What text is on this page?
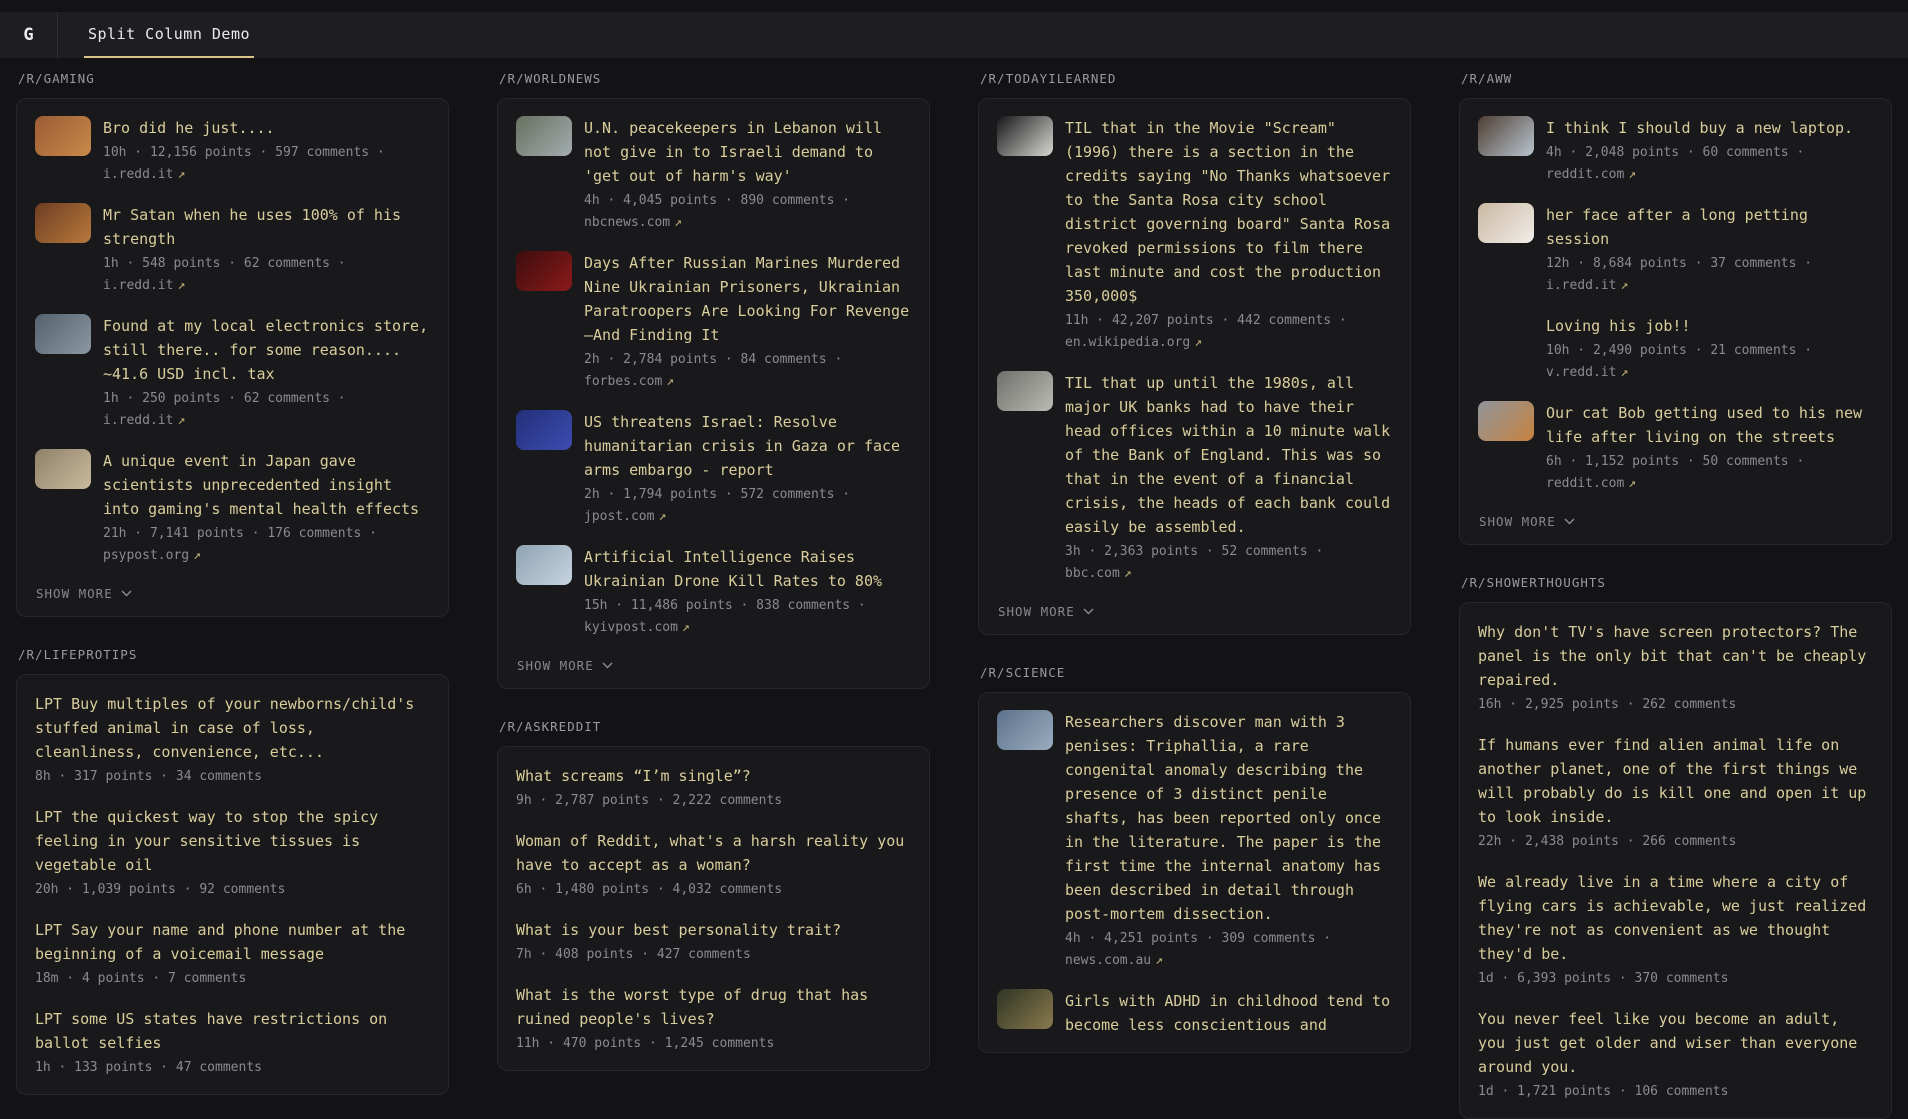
G	Split Column Demo
/R/GAMING
Bro did he just....
10h · 12,156 points · 597 comments · i.redd.it ↗
Mr Satan when he uses 100% of his strength
1h · 548 points · 62 comments · i.redd.it ↗
Found at my local electronics store, still there.. for some reason.... ~41.6 USD incl. tax
1h · 250 points · 62 comments · i.redd.it ↗
A unique event in Japan gave scientists unprecedented insight into gaming's mental health effects
21h · 7,141 points · 176 comments · psypost.org ↗
SHOW MORE
/R/LIFEPROTIPS
LPT Buy multiples of your newborns/child's stuffed animal in case of loss, cleanliness, convenience, etc...
8h · 317 points · 34 comments
LPT the quickest way to stop the spicy feeling in your sensitive tissues is vegetable oil
20h · 1,039 points · 92 comments
LPT Say your name and phone number at the beginning of a voicemail message
18m · 4 points · 7 comments
LPT some US states have restrictions on ballot selfies
1h · 133 points · 47 comments
/R/WORLDNEWS
U.N. peacekeepers in Lebanon will not give in to Israeli demand to 'get out of harm's way'
4h · 4,045 points · 890 comments · nbcnews.com ↗
Days After Russian Marines Murdered Nine Ukrainian Prisoners, Ukrainian Paratroopers Are Looking For Revenge—And Finding It
2h · 2,784 points · 84 comments · forbes.com ↗
US threatens Israel: Resolve humanitarian crisis in Gaza or face arms embargo - report
2h · 1,794 points · 572 comments · jpost.com ↗
Artificial Intelligence Raises Ukrainian Drone Kill Rates to 80%
15h · 11,486 points · 838 comments · kyivpost.com ↗
SHOW MORE
/R/ASKREDDIT
What screams “I’m single”?
9h · 2,787 points · 2,222 comments
Woman of Reddit, what's a harsh reality you have to accept as a woman?
6h · 1,480 points · 4,032 comments
What is your best personality trait?
7h · 408 points · 427 comments
What is the worst type of drug that has ruined people's lives?
11h · 470 points · 1,245 comments
/R/TODAYILEARNED
TIL that in the Movie "Scream" (1996) there is a section in the credits saying "No Thanks whatsoever to the Santa Rosa city school district governing board" Santa Rosa revoked permissions to film there last minute and cost the production 350,000$
11h · 42,207 points · 442 comments · en.wikipedia.org ↗
TIL that up until the 1980s, all major UK banks had to have their head offices within a 10 minute walk of the Bank of England. This was so that in the event of a financial crisis, the heads of each bank could easily be assembled.
3h · 2,363 points · 52 comments · bbc.com ↗
SHOW MORE
/R/SCIENCE
Researchers discover man with 3 penises: Triphallia, a rare congenital anomaly describing the presence of 3 distinct penile shafts, has been reported only once in the literature. The paper is the first time the internal anatomy has been described in detail through post-mortem dissection.
4h · 4,251 points · 309 comments · news.com.au ↗
Girls with ADHD in childhood tend to become less conscientious and
/R/AWW
I think I should buy a new laptop.
4h · 2,048 points · 60 comments · reddit.com ↗
her face after a long petting session
12h · 8,684 points · 37 comments · i.redd.it ↗
Loving his job!!
10h · 2,490 points · 21 comments · v.redd.it ↗
Our cat Bob getting used to his new life after living on the streets
6h · 1,152 points · 50 comments · reddit.com ↗
SHOW MORE
/R/SHOWERTHOUGHTS
Why don't TV's have screen protectors? The panel is the only bit that can't be cheaply repaired.
16h · 2,925 points · 262 comments
If humans ever find alien animal life on another planet, one of the first things we will probably do is kill one and open it up to look inside.
22h · 2,438 points · 266 comments
We already live in a time where a city of flying cars is achievable, we just realized they're not as convenient as we thought they'd be.
1d · 6,393 points · 370 comments
You never feel like you become an adult, you just get older and wiser than everyone around you.
1d · 1,721 points · 106 comments
